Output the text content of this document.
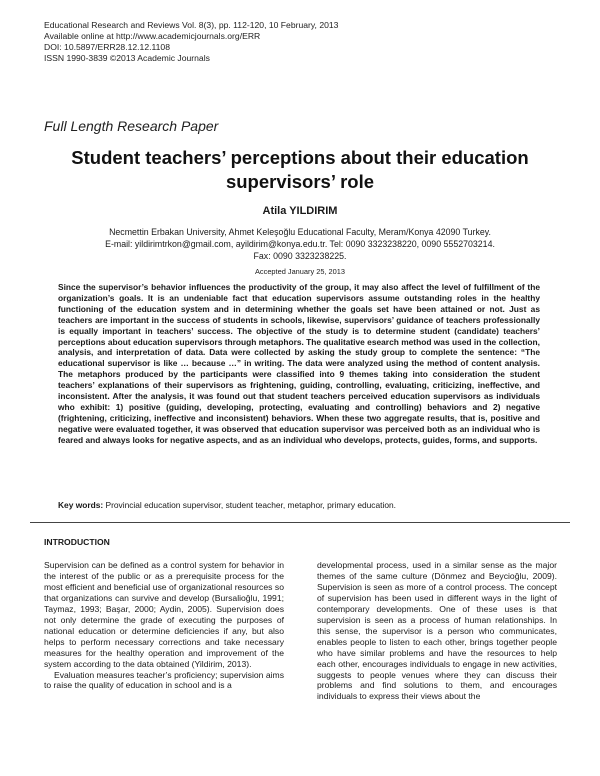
Educational Research and Reviews Vol. 8(3), pp. 112-120, 10 February, 2013
Available online at http://www.academicjournals.org/ERR
DOI: 10.5897/ERR28.12.12.1108
ISSN 1990-3839 ©2013 Academic Journals
Full Length Research Paper
Student teachers’ perceptions about their education supervisors’ role
Atila YILDIRIM
Necmettin Erbakan University, Ahmet Keleşoğlu Educational Faculty, Meram/Konya 42090 Turkey.
E-mail: yildirimtrkon@gmail.com, ayildirim@konya.edu.tr. Tel: 0090 3323238220, 0090 5552703214.
Fax: 0090 3323238225.
Accepted January 25, 2013
Since the supervisor’s behavior influences the productivity of the group, it may also affect the level of fulfillment of the organization’s goals. It is an undeniable fact that education supervisors assume outstanding roles in the healthy functioning of the education system and in determining whether the goals set have been attained or not. Just as teachers are important in the success of students in schools, likewise, supervisors’ guidance of teachers professionally is equally important in teachers’ success. The objective of the study is to determine student (candidate) teachers’ perceptions about education supervisors through metaphors. The qualitative esearch method was used in the collection, analysis, and interpretation of data. Data were collected by asking the study group to complete the sentence: “The educational supervisor is like … because …” in writing. The data were analyzed using the method of content analysis. The metaphors produced by the participants were classified into 9 themes taking into consideration the student teachers’ explanations of their supervisors as frightening, guiding, controlling, evaluating, criticizing, ineffective, and inconsistent. After the analysis, it was found out that student teachers perceived education supervisors as individuals who exhibit: 1) positive (guiding, developing, protecting, evaluating and controlling) behaviors and 2) negative (frightening, criticizing, ineffective and inconsistent) behaviors. When these two aggregate results, that is, positive and negative were evaluated together, it was observed that education supervisor was perceived both as an individual who is feared and always looks for negative aspects, and as an individual who develops, protects, guides, forms, and supports.
Key words: Provincial education supervisor, student teacher, metaphor, primary education.
INTRODUCTION

Supervision can be defined as a control system for behavior in the interest of the public or as a prerequisite process for the most efficient and beneficial use of organizational resources so that organizations can survive and develop (Bursalioğlu, 1991; Taymaz, 1993; Başar, 2000; Aydin, 2005). Supervision does not only determine the grade of executing the purposes of national education or determine deficiencies if any, but also helps to perform necessary corrections and take necessary measures for the healthy operation and improvement of the system according to the data obtained (Yildirim, 2013).

Evaluation measures teacher’s proficiency; supervision aims to raise the quality of education in school and is a

developmental process, used in a similar sense as the major themes of the same culture (Dönmez and Beycioğlu, 2009). Supervision is seen as more of a control process. The concept of supervision has been used in different ways in the light of contemporary developments. One of these uses is that supervision is seen as a process of human relationships. In this sense, the supervisor is a person who communicates, enables people to listen to each other, brings together people who have similar problems and have the resources to help each other, encourages individuals to engage in new activities, suggests to people venues where they can discuss their problems and find solutions to them, and encourages individuals to express their views about the
